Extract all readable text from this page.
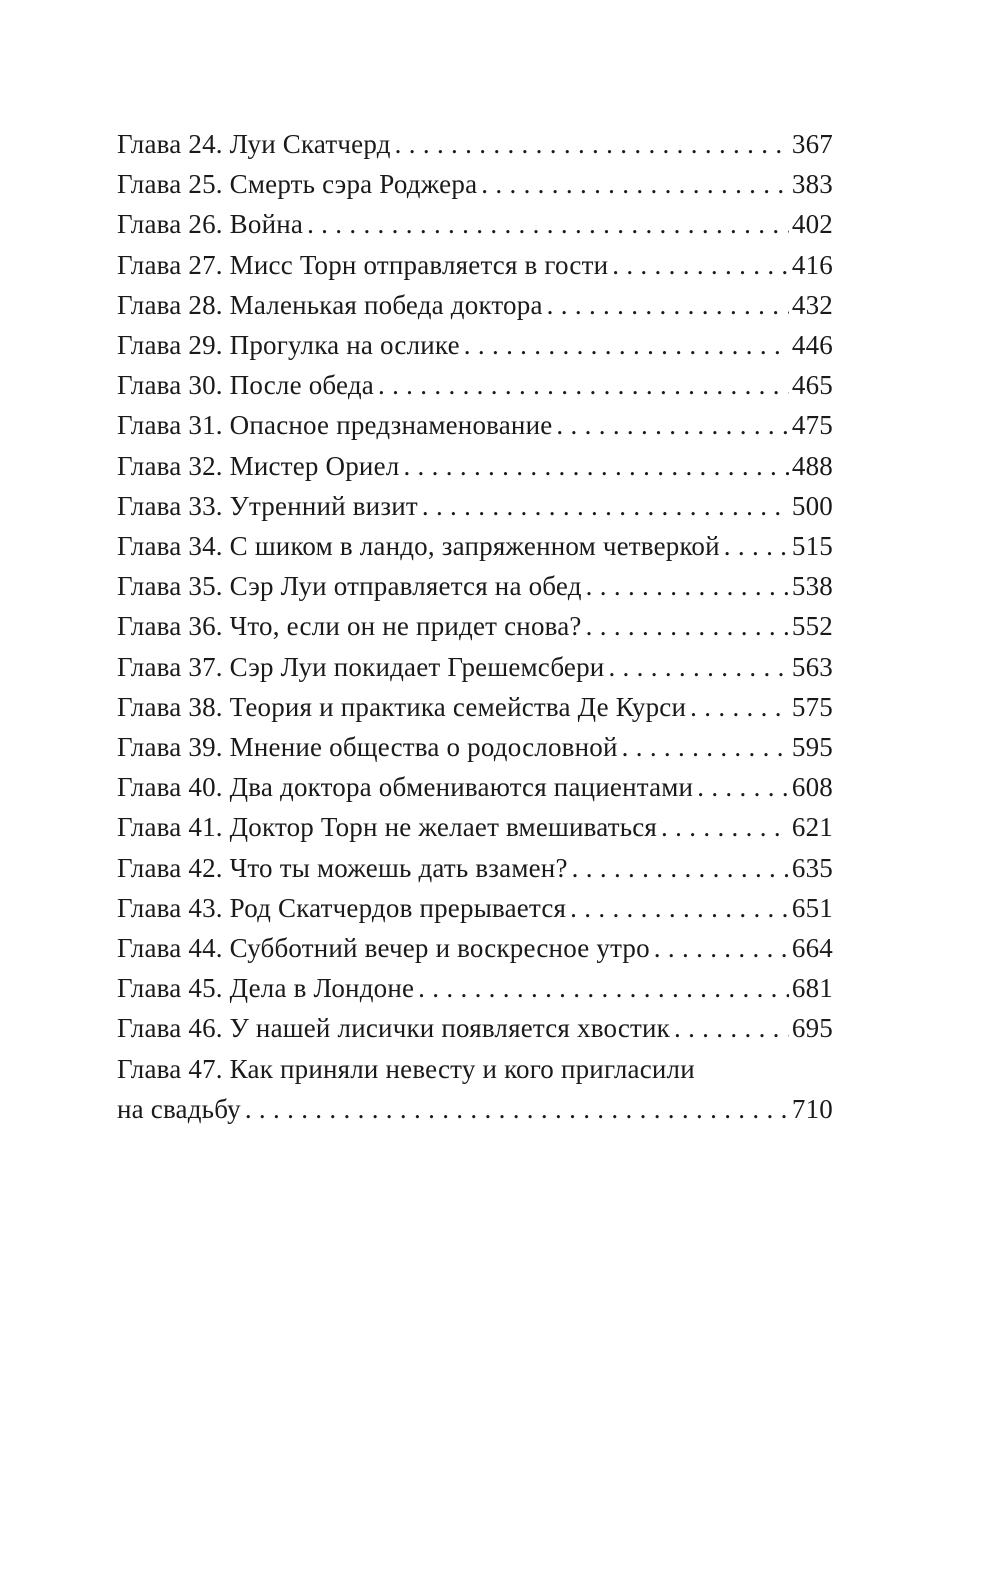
Глава 24. Луи Скатчерд . . .	367
Глава 25. Смерть сэра Роджера . . .	383
Глава 26. Война . . .	402
Глава 27. Мисс Торн отправляется в гости . . .	416
Глава 28. Маленькая победа доктора . . .	432
Глава 29. Прогулка на ослике . . .	446
Глава 30. После обеда . . .	465
Глава 31. Опасное предзнаменование . . .	475
Глава 32. Мистер Ориел . . .	488
Глава 33. Утренний визит . . .	500
Глава 34. С шиком в ландо, запряженном четверкой . . .	515
Глава 35. Сэр Луи отправляется на обед . . .	538
Глава 36. Что, если он не придет снова? . . .	552
Глава 37. Сэр Луи покидает Грешемсбери . . .	563
Глава 38. Теория и практика семейства Де Курси . . .	575
Глава 39. Мнение общества о родословной . . .	595
Глава 40. Два доктора обмениваются пациентами . . .	608
Глава 41. Доктор Торн не желает вмешиваться . . .	621
Глава 42. Что ты можешь дать взамен? . . .	635
Глава 43. Род Скатчердов прерывается . . .	651
Глава 44. Субботний вечер и воскресное утро . . .	664
Глава 45. Дела в Лондоне . . .	681
Глава 46. У нашей лисички появляется хвостик . . .	695
Глава 47. Как приняли невесту и кого пригласили
на свадьбу . . .	710
